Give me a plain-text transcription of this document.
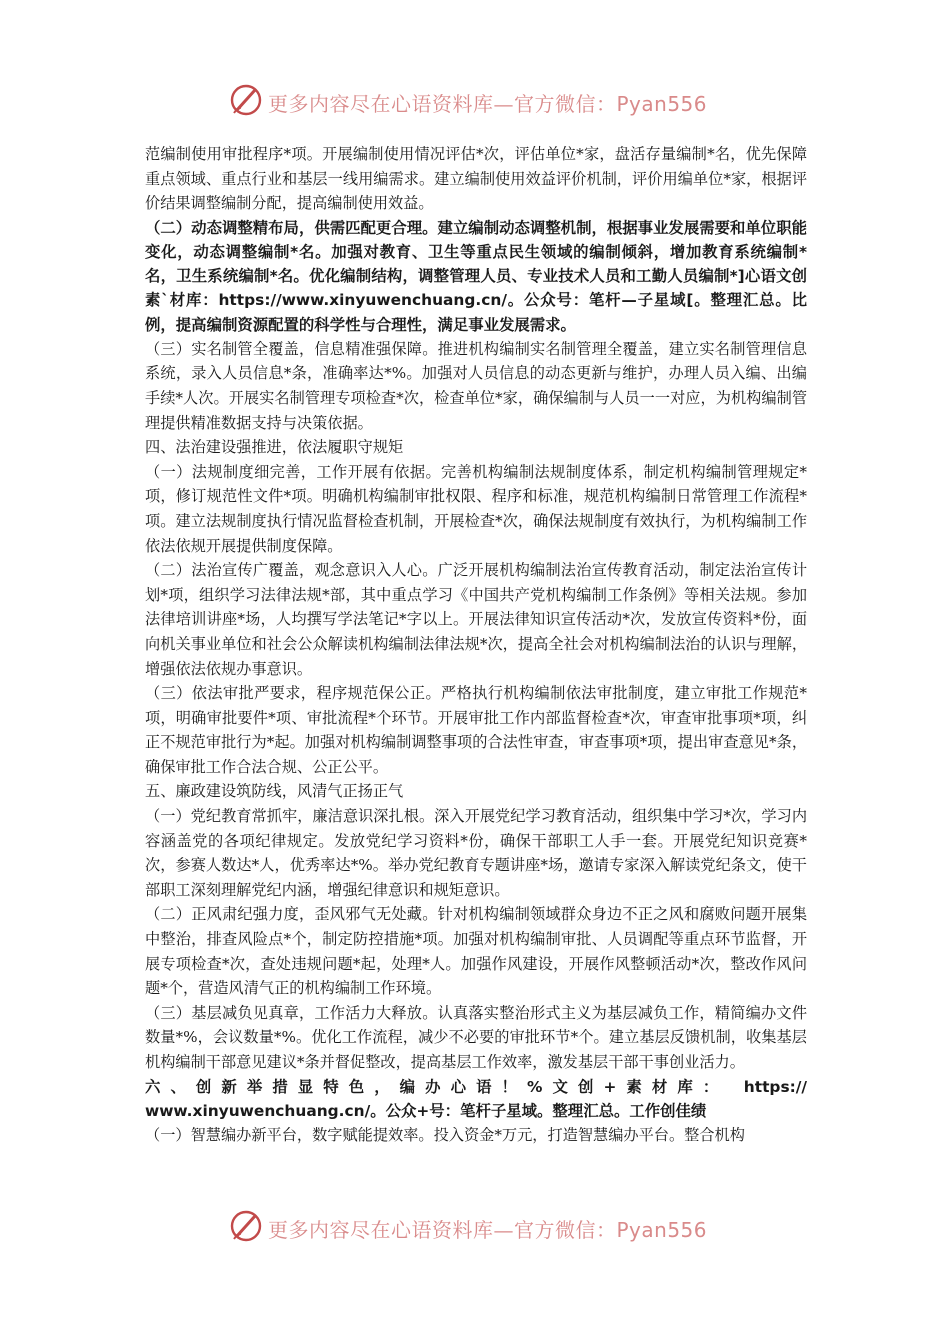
更多内容尽在心语资料库—官方微信：Pyan556

范编制使用审批程序*项。开展编制使用情况评估*次，评估单位*家，盘活存量编制*名，优先保障重点领域、重点行业和基层一线用编需求。建立编制使用效益评价机制，评价用编单位*家，根据评价结果调整编制分配，提高编制使用效益。

（二）动态调整精布局，供需匹配更合理。建立编制动态调整机制，根据事业发展需要和单位职能变化，动态调整编制*名。加强对教育、卫生等重点民生领域的编制倾斜，增加教育系统编制*名，卫生系统编制*名。优化编制结构，调整管理人员、专业技术人员和工勤人员编制*]心语文创素`材库：https://www.xinyuwenchuang.cn/。公众号：笔杆—子星域[。整理汇总。比例，提高编制资源配置的科学性与合理性，满足事业发展需求。

（三）实名制管全覆盖，信息精准强保障。推进机构编制实名制管理全覆盖，建立实名制管理信息系统，录入人员信息*条，准确率达*%。加强对人员信息的动态更新与维护，办理人员入编、出编手续*人次。开展实名制管理专项检查*次，检查单位*家，确保编制与人员一一对应，为机构编制管理提供精准数据支持与决策依据。

四、法治建设强推进，依法履职守规矩

（一）法规制度细完善，工作开展有依据。完善机构编制法规制度体系，制定机构编制管理规定*项，修订规范性文件*项。明确机构编制审批权限、程序和标准，规范机构编制日常管理工作流程*项。建立法规制度执行情况监督检查机制，开展检查*次，确保法规制度有效执行，为机构编制工作依法依规开展提供制度保障。

（二）法治宣传广覆盖，观念意识入人心。广泛开展机构编制法治宣传教育活动，制定法治宣传计划*项，组织学习法律法规*部，其中重点学习《中国共产党机构编制工作条例》等相关法规。参加法律培训讲座*场，人均撰写学法笔记*字以上。开展法律知识宣传活动*次，发放宣传资料*份，面向机关事业单位和社会公众解读机构编制法律法规*次，提高全社会对机构编制法治的认识与理解，增强依法依规办事意识。

（三）依法审批严要求，程序规范保公正。严格执行机构编制依法审批制度，建立审批工作规范*项，明确审批要件*项、审批流程*个环节。开展审批工作内部监督检查*次，审查审批事项*项，纠正不规范审批行为*起。加强对机构编制调整事项的合法性审查，审查事项*项，提出审查意见*条，确保审批工作合法合规、公正公平。

五、廉政建设筑防线，风清气正扬正气

（一）党纪教育常抓牢，廉洁意识深扎根。深入开展党纪学习教育活动，组织集中学习*次，学习内容涵盖党的各项纪律规定。发放党纪学习资料*份，确保干部职工人手一套。开展党纪知识竞赛*次，参赛人数达*人，优秀率达*%。举办党纪教育专题讲座*场，邀请专家深入解读党纪条文，使干部职工深刻理解党纪内涵，增强纪律意识和规矩意识。

（二）正风肃纪强力度，歪风邪气无处藏。针对机构编制领域群众身边不正之风和腐败问题开展集中整治，排查风险点*个，制定防控措施*项。加强对机构编制审批、人员调配等重点环节监督，开展专项检查*次，查处违规问题*起，处理*人。加强作风建设，开展作风整顿活动*次，整改作风问题*个，营造风清气正的机构编制工作环境。

（三）基层减负见真章，工作活力大释放。认真落实整治形式主义为基层减负工作，精简编办文件数量*%，会议数量*%。优化工作流程，减少不必要的审批环节*个。建立基层反馈机制，收集基层机构编制干部意见建议*条并督促整改，提高基层工作效率，激发基层干部干事创业活力。

六、创新举措显特色，编办心语！%文创+素材库： https://

www.xinyuwenchuang.cn/。公众+号：笔杆子星域。整理汇总。工作创佳绩

（一）智慧编办新平台，数字赋能提效率。投入资金*万元，打造智慧编办平台。整合机构

更多内容尽在心语资料库—官方微信：Pyan556
